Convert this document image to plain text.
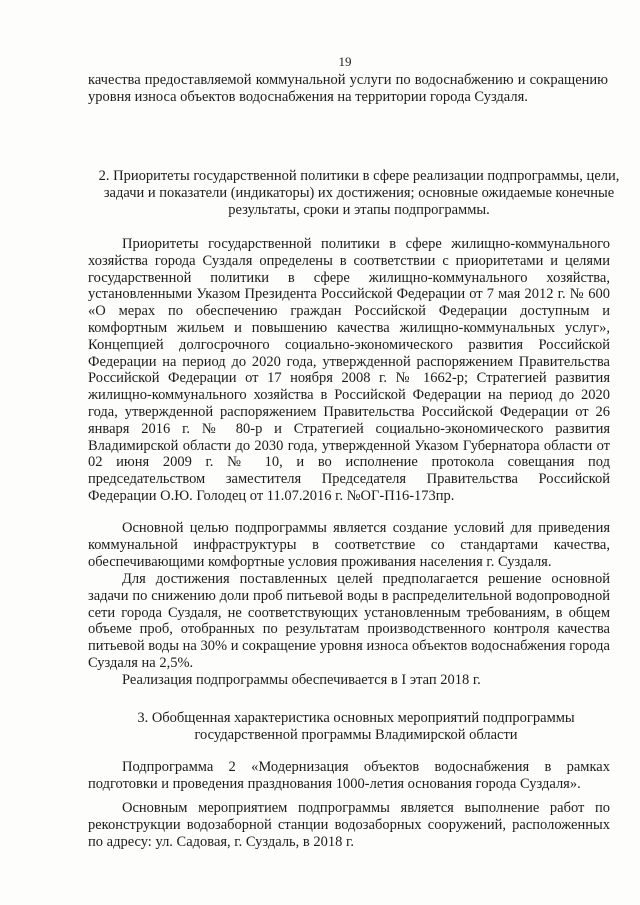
19

качества предоставляемой коммунальной услуги по водоснабжению и сокращению уровня износа объектов водоснабжения на территории города Суздаля.

2. Приоритеты государственной политики в сфере реализации подпрограммы, цели, задачи и показатели (индикаторы) их достижения; основные ожидаемые конечные результаты, сроки и этапы подпрограммы.

Приоритеты государственной политики в сфере жилищно-коммунального хозяйства города Суздаля определены в соответствии с приоритетами и целями государственной политики в сфере жилищно-коммунального хозяйства, установленными Указом Президента Российской Федерации от 7 мая 2012 г. № 600 «О мерах по обеспечению граждан Российской Федерации доступным и комфортным жильем и повышению качества жилищно-коммунальных услуг», Концепцией долгосрочного социально-экономического развития Российской Федерации на период до 2020 года, утвержденной распоряжением Правительства Российской Федерации от 17 ноября 2008 г. № 1662-р; Стратегией развития жилищно-коммунального хозяйства в Российской Федерации на период до 2020 года, утвержденной распоряжением Правительства Российской Федерации от 26 января 2016 г. № 80-р и Стратегией социально-экономического развития Владимирской области до 2030 года, утвержденной Указом Губернатора области от 02 июня 2009 г. № 10, и во исполнение протокола совещания под председательством заместителя Председателя Правительства Российской Федерации О.Ю. Голодец от 11.07.2016 г. №ОГ-П16-173пр.

Основной целью подпрограммы является создание условий для приведения коммунальной инфраструктуры в соответствие со стандартами качества, обеспечивающими комфортные условия проживания населения г. Суздаля.

Для достижения поставленных целей предполагается решение основной задачи по снижению доли проб питьевой воды в распределительной водопроводной сети города Суздаля, не соответствующих установленным требованиям, в общем объеме проб, отобранных по результатам производственного контроля качества питьевой воды на 30% и сокращение уровня износа объектов водоснабжения города Суздаля на 2,5%.

Реализация подпрограммы обеспечивается в I этап 2018 г.

3. Обобщенная характеристика основных мероприятий подпрограммы государственной программы Владимирской области

Подпрограмма 2 «Модернизация объектов водоснабжения в рамках подготовки и проведения празднования 1000-летия основания города Суздаля».

Основным мероприятием подпрограммы является выполнение работ по реконструкции водозаборной станции водозаборных сооружений, расположенных по адресу: ул. Садовая, г. Суздаль, в 2018 г.
